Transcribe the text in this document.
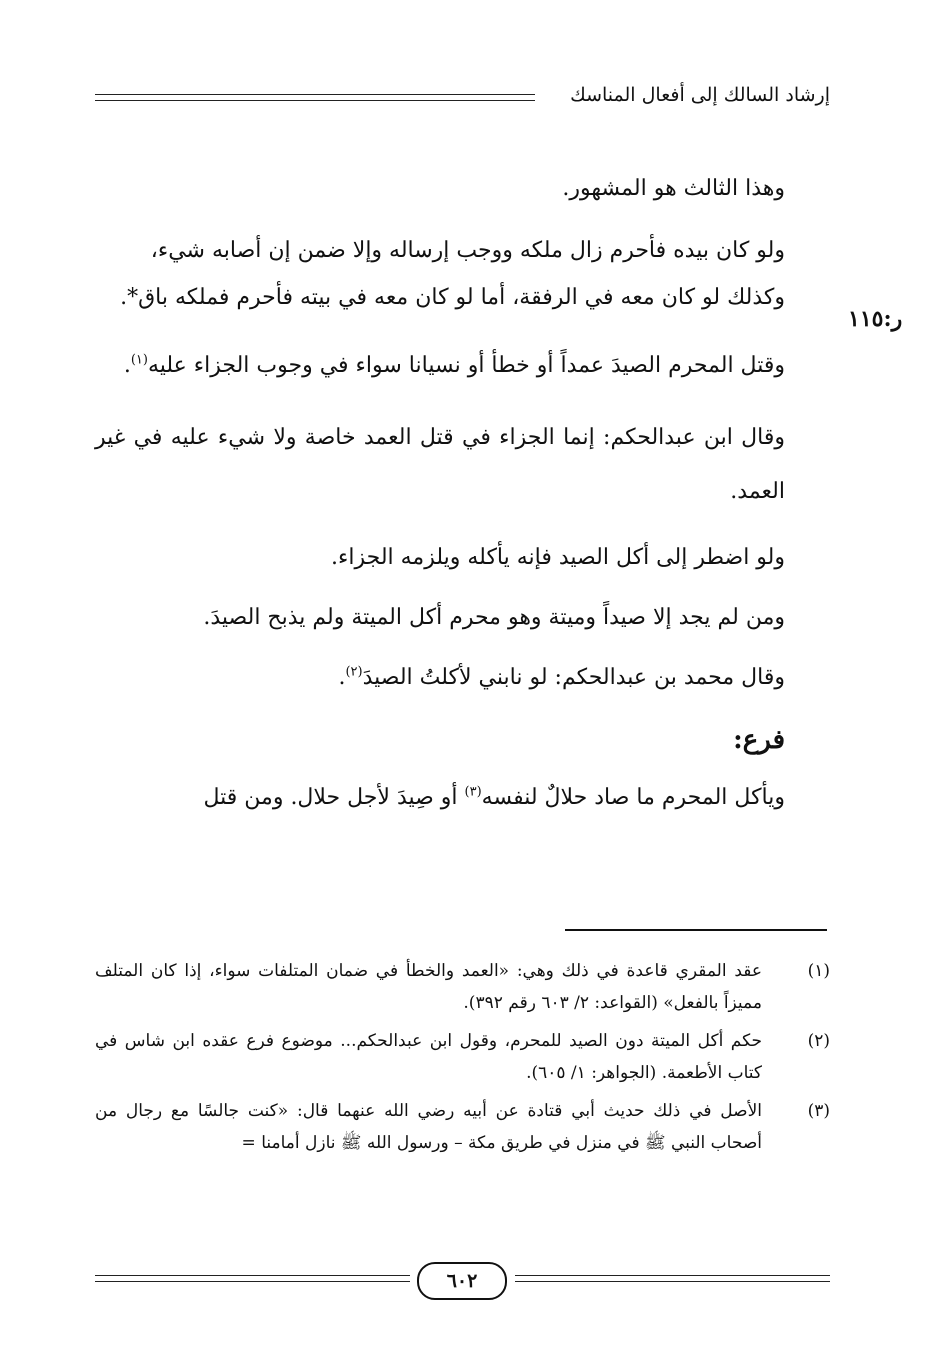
إرشاد السالك إلى أفعال المناسك
ر:١١٥

وهذا الثالث هو المشهور.

ولو كان بيده فأحرم زال ملكه ووجب إرساله وإلا ضمن إن أصابه شيء،

وكذلك لو كان معه في الرفقة، أما لو كان معه في بيته فأحرم فملكه باق*.

وقتل المحرم الصيدَ عمداً أو خطأ أو نسيانا سواء في وجوب الجزاء عليه$^{(١)}$.

وقال ابن عبدالحكم: إنما الجزاء في قتل العمد خاصة ولا شيء عليه في غير العمد.

ولو اضطر إلى أكل الصيد فإنه يأكله ويلزمه الجزاء.

ومن لم يجد إلا صيداً وميتة وهو محرم أكل الميتة ولم يذبح الصيدَ.

وقال محمد بن عبدالحكم: لو نابني لأكلتُ الصيدَ$^{(٢)}$.

فرع:

ويأكل المحرم ما صاد حلالٌ لنفسه$^{(٣)}$ أو صِيدَ لأجل حلال. ومن قتل

(١)
عقد المقري قاعدة في ذلك وهي: «العمد والخطأ في ضمان المتلفات سواء، إذا كان المتلف مميزاً بالفعل» (القواعد: ٢/ ٦٠٣ رقم ٣٩٢).
(٢)
حكم أكل الميتة دون الصيد للمحرم، وقول ابن عبدالحكم... موضوع فرع عقده ابن شاس في كتاب الأطعمة. (الجواهر: ١/ ٦٠٥).
(٣)
الأصل في ذلك حديث أبي قتادة عن أبيه رضي الله عنهما قال: «كنت جالسًا مع رجال من أصحاب النبي ﷺ في منزل في طريق مكة – ورسول الله ﷺ نازل أمامنا =
٦٠٢
